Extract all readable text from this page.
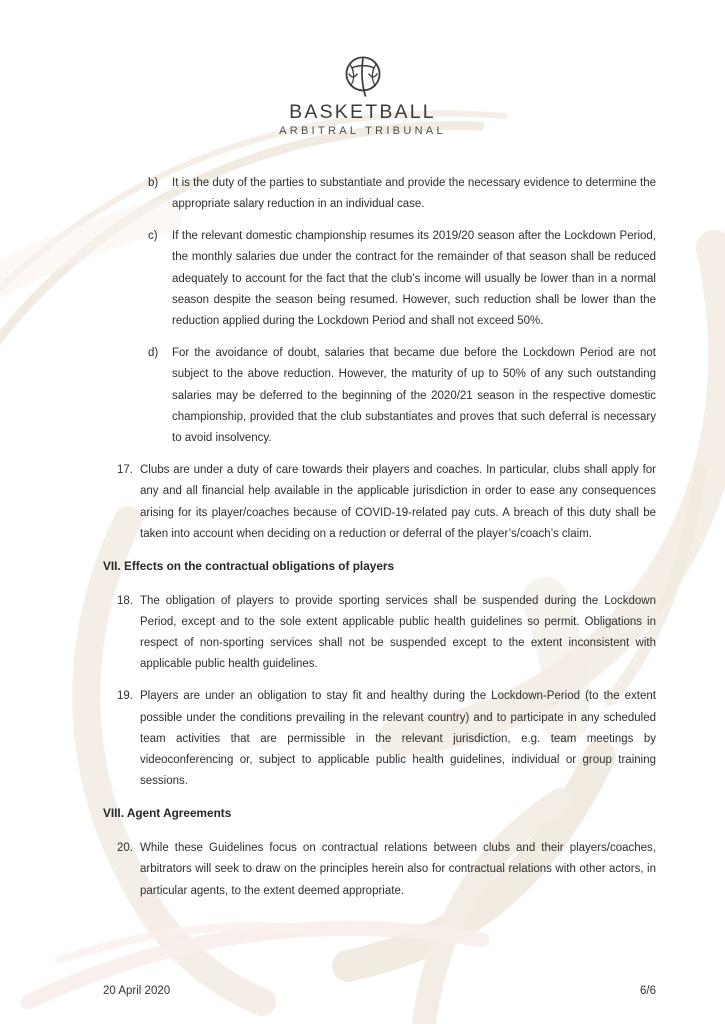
BASKETBALL
ARBITRAL TRIBUNAL
b)	It is the duty of the parties to substantiate and provide the necessary evidence to determine the appropriate salary reduction in an individual case.
c)	If the relevant domestic championship resumes its 2019/20 season after the Lockdown Period, the monthly salaries due under the contract for the remainder of that season shall be reduced adequately to account for the fact that the club’s income will usually be lower than in a normal season despite the season being resumed. However, such reduction shall be lower than the reduction applied during the Lockdown Period and shall not exceed 50%.
d)	For the avoidance of doubt, salaries that became due before the Lockdown Period are not subject to the above reduction. However, the maturity of up to 50% of any such outstanding salaries may be deferred to the beginning of the 2020/21 season in the respective domestic championship, provided that the club substantiates and proves that such deferral is necessary to avoid insolvency.
17. Clubs are under a duty of care towards their players and coaches. In particular, clubs shall apply for any and all financial help available in the applicable jurisdiction in order to ease any consequences arising for its player/coaches because of COVID-19-related pay cuts. A breach of this duty shall be taken into account when deciding on a reduction or deferral of the player’s/coach’s claim.
VII. Effects on the contractual obligations of players
18. The obligation of players to provide sporting services shall be suspended during the Lockdown Period, except and to the sole extent applicable public health guidelines so permit. Obligations in respect of non-sporting services shall not be suspended except to the extent inconsistent with applicable public health guidelines.
19. Players are under an obligation to stay fit and healthy during the Lockdown-Period (to the extent possible under the conditions prevailing in the relevant country) and to participate in any scheduled team activities that are permissible in the relevant jurisdiction, e.g. team meetings by videoconferencing or, subject to applicable public health guidelines, individual or group training sessions.
VIII. Agent Agreements
20. While these Guidelines focus on contractual relations between clubs and their players/coaches, arbitrators will seek to draw on the principles herein also for contractual relations with other actors, in particular agents, to the extent deemed appropriate.
20 April 2020	6/6
